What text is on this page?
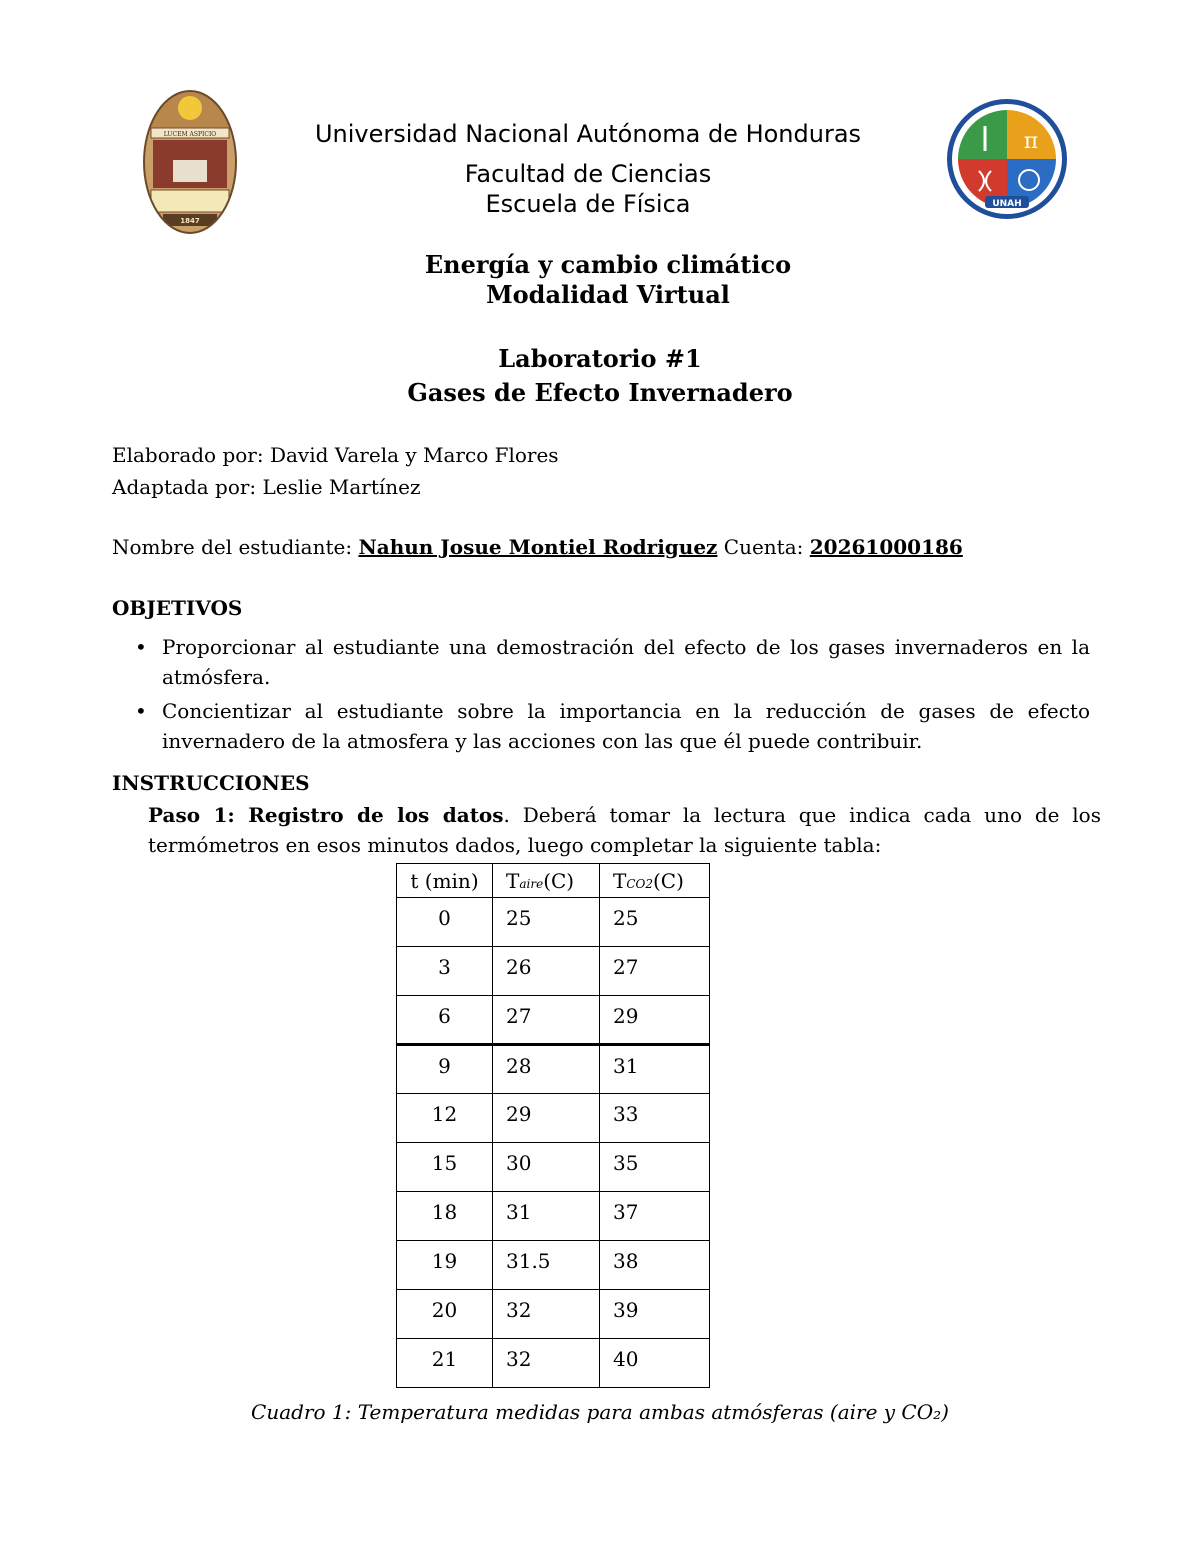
LUCEM ASPICIO
1847
π
UNAH
Universidad Nacional Autónoma de Honduras
Facultad de Ciencias
Escuela de Física
Energía y cambio climático
Modalidad Virtual
Laboratorio #1
Gases de Efecto Invernadero
Elaborado por: David Varela y Marco Flores
Adaptada por: Leslie Martínez
Nombre del estudiante: Nahun Josue Montiel Rodriguez Cuenta: 20261000186
OBJETIVOS
• Proporcionar al estudiante una demostración del efecto de los gases invernaderos en la atmósfera.
• Concientizar al estudiante sobre la importancia en la reducción de gases de efecto invernadero de la atmosfera y las acciones con las que él puede contribuir.
INSTRUCCIONES
Paso 1: Registro de los datos. Deberá tomar la lectura que indica cada uno de los termómetros en esos minutos dados, luego completar la siguiente tabla:
t (min)	Taire(C)	TCO2(C)
0	25	25
3	26	27
6	27	29
9	28	31
12	29	33
15	30	35
18	31	37
19	31.5	38
20	32	39
21	32	40
Cuadro 1: Temperatura medidas para ambas atmósferas (aire y CO₂)
